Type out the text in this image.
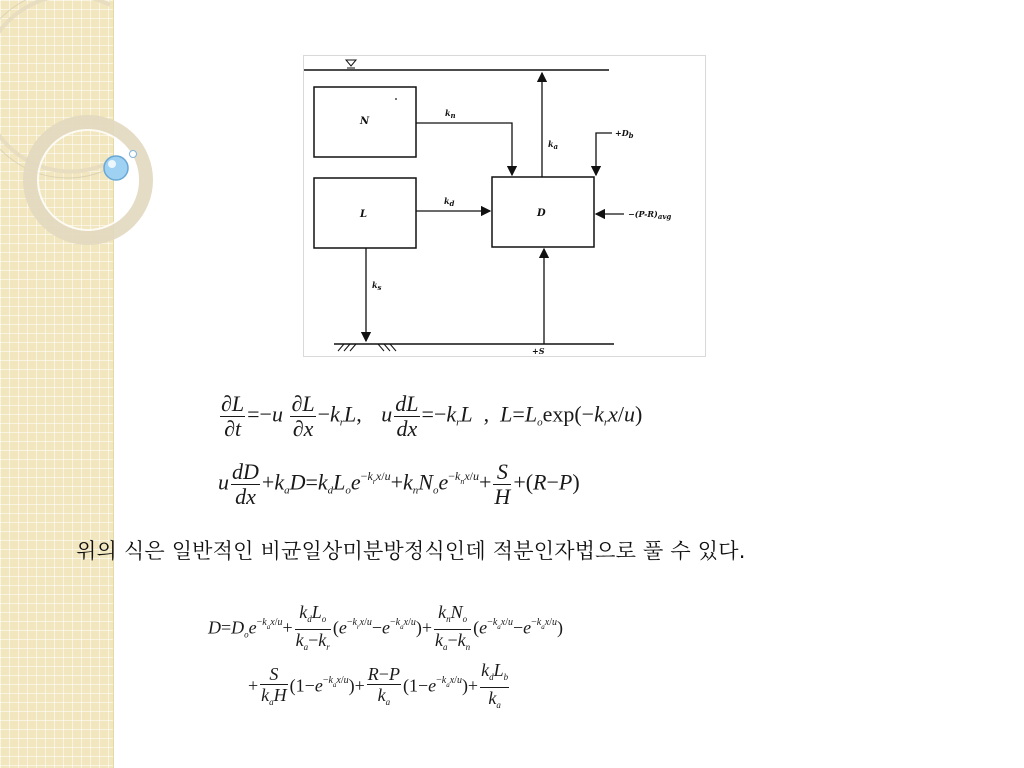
N
L	D
kn
kd
ka
+Db
−(P-R)avg
ks
+S
$\frac{\partial L}{\partial t} =-u \frac{\partial L}{\partial x} -k_rL$, u $\frac{dL}{dx} =-k_rL$  ,  $L=L_o\exp(-k_rx/u)$
u $\frac{dD}{dx} +k_aD=k_dL_oe^{-k_rx/u}+k_nN_oe^{-k_nx/u}+ \frac{S}{H} +(R-P)$
위의 식은 일반적인 비균일상미분방정식인데 적분인자법으로 풀 수 있다.
$D=D_oe^{-k_ax/u}+ \frac{k_dL_o}{k_a-k_r} (e^{-k_rx/u}-e^{-k_ax/u})+ \frac{k_nN_o}{k_a-k_n} (e^{-k_ax/u}-e^{-k_ax/u})$
+ $\frac{S}{k_aH} (1-e^{-k_ax/u})+ \frac{R-P}{k_a} (1-e^{-k_ax/u})+ \frac{k_dL_b}{k_a}$
